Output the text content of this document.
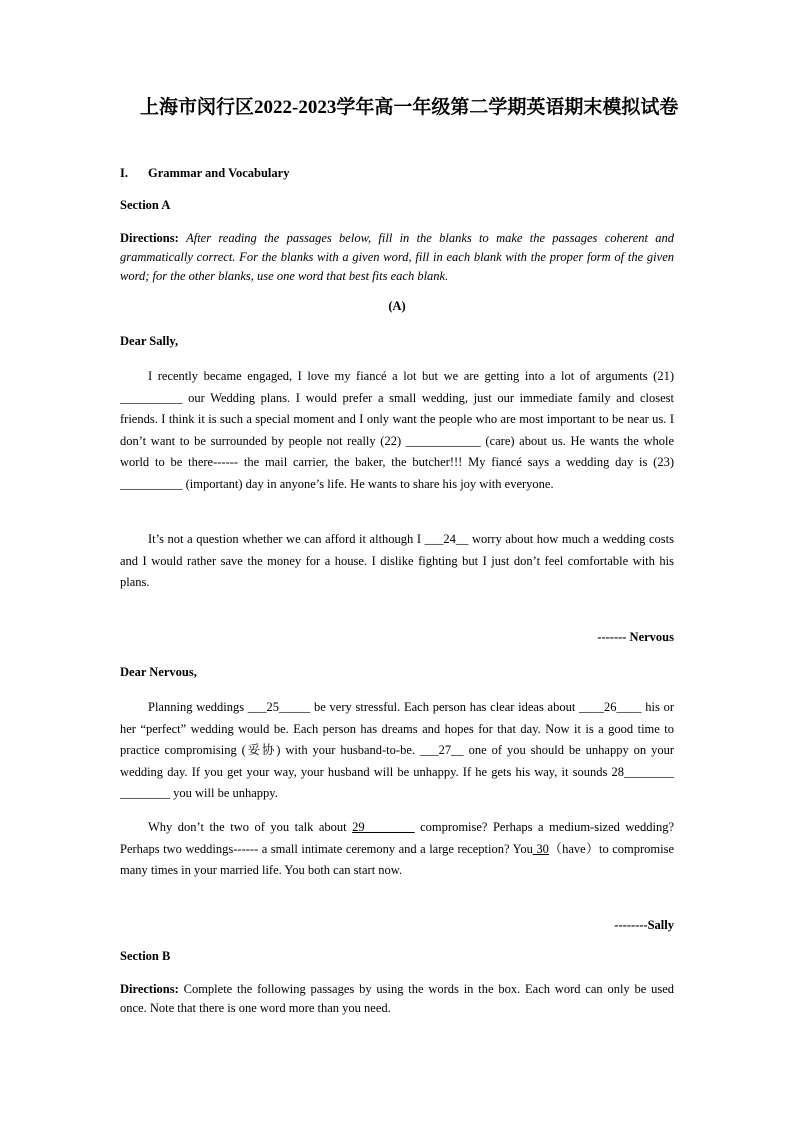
上海市闵行区2022-2023学年高一年级第二学期英语期末模拟试卷
I. Grammar and Vocabulary
Section A
Directions: After reading the passages below, fill in the blanks to make the passages coherent and grammatically correct. For the blanks with a given word, fill in each blank with the proper form of the given word; for the other blanks, use one word that best fits each blank.
(A)
Dear Sally,
I recently became engaged, I love my fiancé a lot but we are getting into a lot of arguments (21) __________ our Wedding plans. I would prefer a small wedding, just our immediate family and closest friends. I think it is such a special moment and I only want the people who are most important to be near us. I don’t want to be surrounded by people not really (22) ____________ (care) about us. He wants the whole world to be there------ the mail carrier, the baker, the butcher!!! My fiancé says a wedding day is (23) __________ (important) day in anyone’s life. He wants to share his joy with everyone.
It’s not a question whether we can afford it although I ___24__ worry about how much a wedding costs and I would rather save the money for a house. I dislike fighting but I just don’t feel comfortable with his plans.
------- Nervous
Dear Nervous,
Planning weddings ___25_____ be very stressful. Each person has clear ideas about ____26____ his or her “perfect” wedding would be. Each person has dreams and hopes for that day. Now it is a good time to practice compromising (妥协) with your husband-to-be. ___27__ one of you should be unhappy on your wedding day. If you get your way, your husband will be unhappy. If he gets his way, it sounds 28________ ________ you will be unhappy.
Why don’t the two of you talk about 29________ compromise? Perhaps a medium-sized wedding? Perhaps two weddings------ a small intimate ceremony and a large reception? You 30（have）to compromise many times in your married life. You both can start now.
--------Sally
Section B
Directions: Complete the following passages by using the words in the box. Each word can only be used once. Note that there is one word more than you need.
